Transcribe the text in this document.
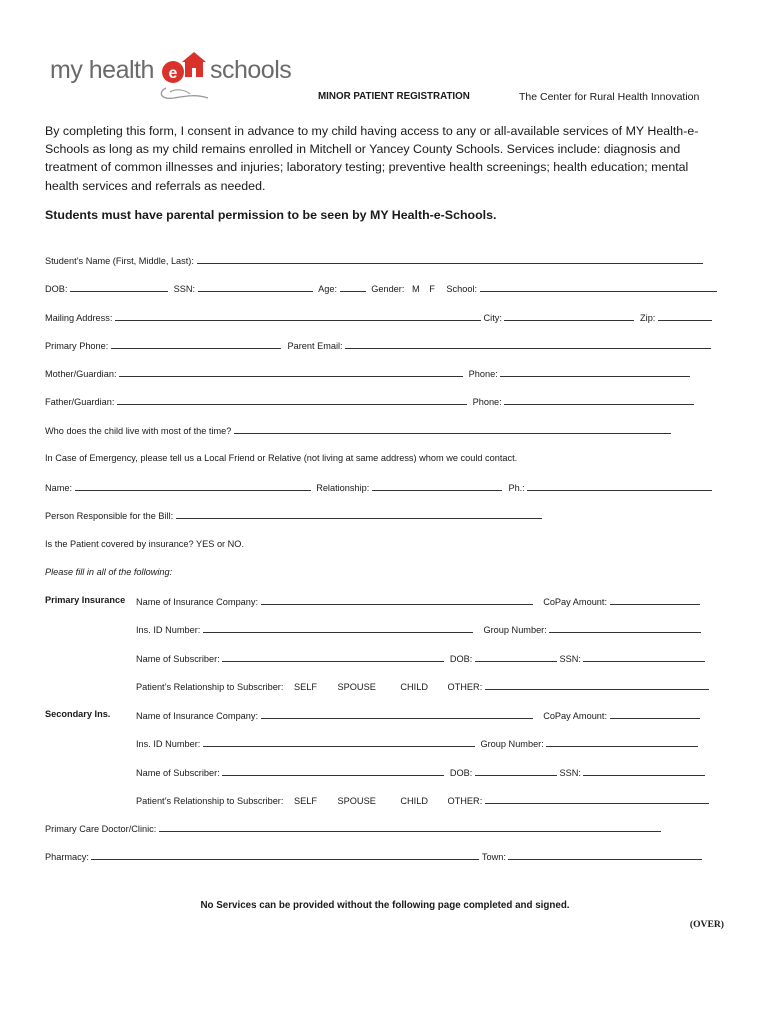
my health e schools
MINOR PATIENT REGISTRATION	The Center for Rural Health Innovation
By completing this form, I consent in advance to my child having access to any or all-available services of MY Health-e-Schools as long as my child remains enrolled in Mitchell or Yancey County Schools. Services include: diagnosis and treatment of common illnesses and injuries; laboratory testing; preventive health screenings; health education; mental health services and referrals as needed.
Students must have parental permission to be seen by MY Health-e-Schools.
Student’s Name (First, Middle, Last):
DOB:	SSN:	Age:	Gender: M F School:
Mailing Address:	City:	Zip:
Primary Phone:	Parent Email:
Mother/Guardian:	Phone:
Father/Guardian:	Phone:
Who does the child live with most of the time?
In Case of Emergency, please tell us a Local Friend or Relative (not living at same address) whom we could contact.
Name:	Relationship:	Ph.:
Person Responsible for the Bill:
Is the Patient covered by insurance? YES or NO.
Please fill in all of the following:
Primary Insurance Name of Insurance Company:	CoPay Amount:
Ins. ID Number:	Group Number:
Name of Subscriber:	DOB:	SSN:
Patient’s Relationship to Subscriber: SELF SPOUSE	CHILD OTHER:
Secondary Ins.	Name of Insurance Company:	CoPay Amount:
Ins. ID Number:	Group Number:
Name of Subscriber:	DOB:	SSN:
Patient’s Relationship to Subscriber: SELF SPOUSE	CHILD OTHER:
Primary Care Doctor/Clinic:
Pharmacy:	Town:
No Services can be provided without the following page completed and signed.
(OVER)
